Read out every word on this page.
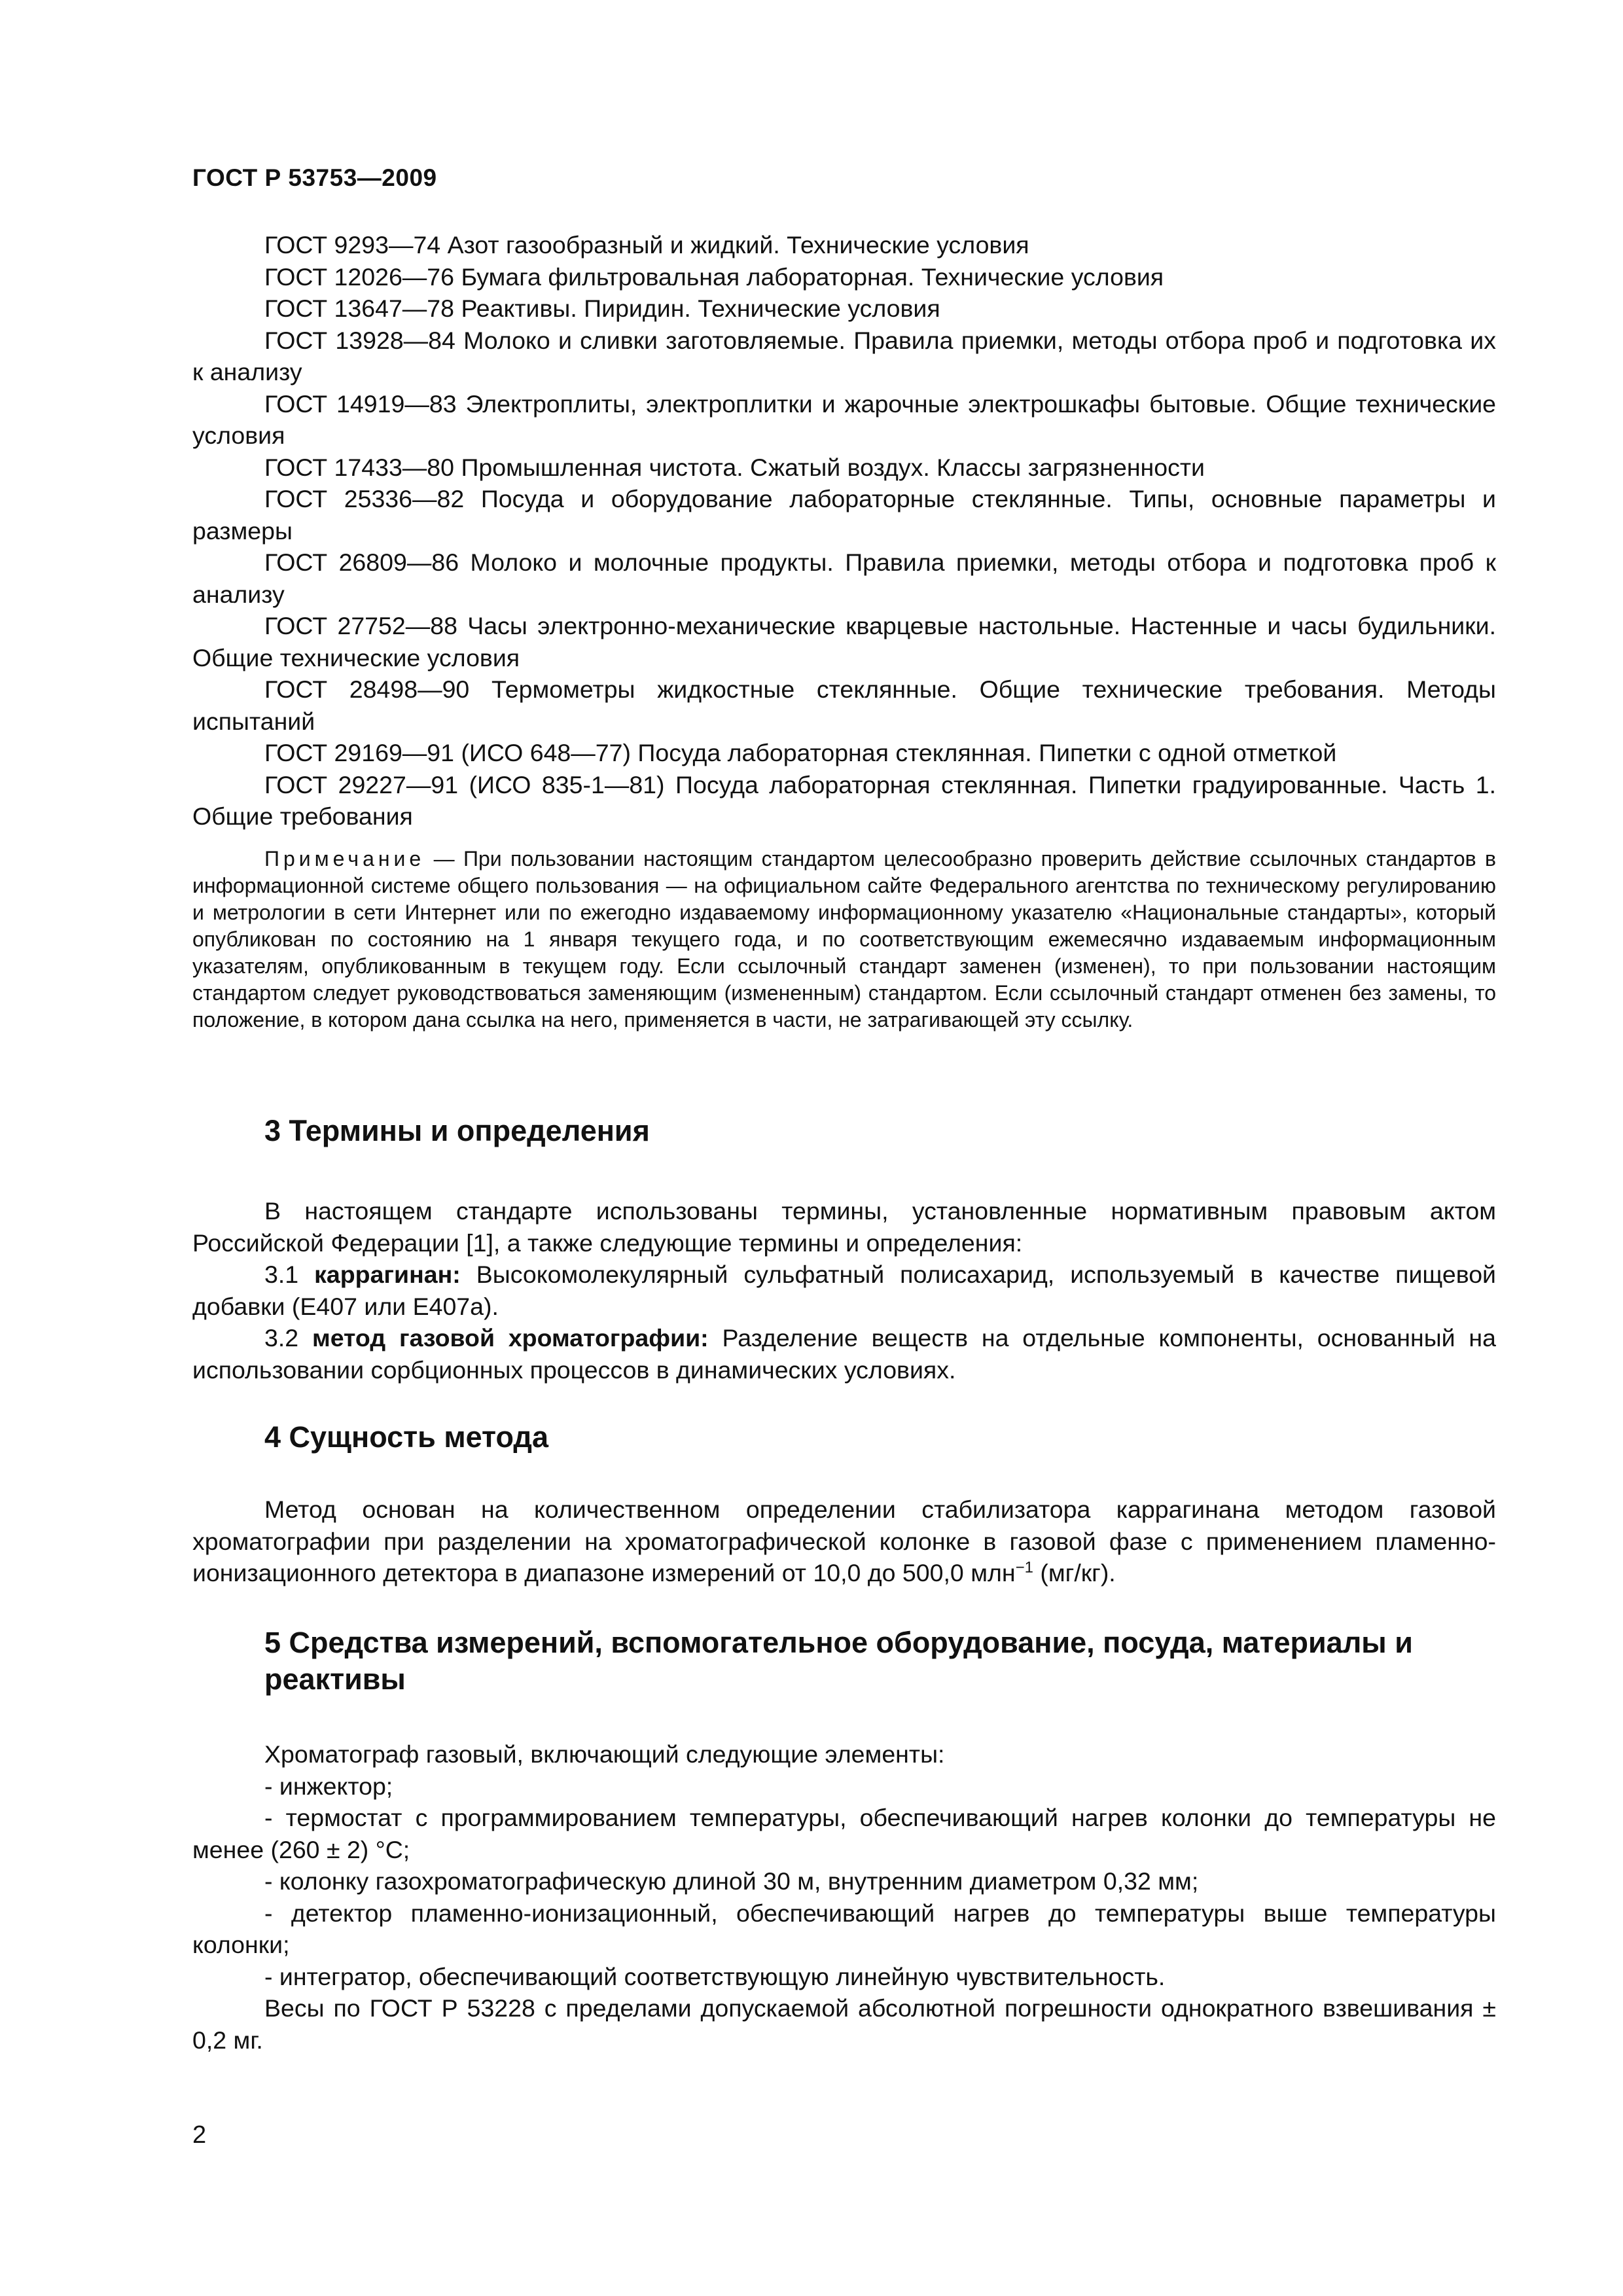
ГОСТ Р 53753—2009

ГОСТ 9293—74 Азот газообразный и жидкий. Технические условия

ГОСТ 12026—76 Бумага фильтровальная лабораторная. Технические условия

ГОСТ 13647—78 Реактивы. Пиридин. Технические условия

ГОСТ 13928—84 Молоко и сливки заготовляемые. Правила приемки, методы отбора проб и подготовка их к анализу

ГОСТ 14919—83 Электроплиты, электроплитки и жарочные электрошкафы бытовые. Общие технические условия

ГОСТ 17433—80 Промышленная чистота. Сжатый воздух. Классы загрязненности

ГОСТ 25336—82 Посуда и оборудование лабораторные стеклянные. Типы, основные параметры и размеры

ГОСТ 26809—86 Молоко и молочные продукты. Правила приемки, методы отбора и подготовка проб к анализу

ГОСТ 27752—88 Часы электронно-механические кварцевые настольные. Настенные и часы будильники. Общие технические условия

ГОСТ 28498—90 Термометры жидкостные стеклянные. Общие технические требования. Методы испытаний

ГОСТ 29169—91 (ИСО 648—77) Посуда лабораторная стеклянная. Пипетки с одной отметкой

ГОСТ 29227—91 (ИСО 835-1—81) Посуда лабораторная стеклянная. Пипетки градуированные. Часть 1. Общие требования

Примечание — При пользовании настоящим стандартом целесообразно проверить действие ссылочных стандартов в информационной системе общего пользования — на официальном сайте Федерального агентства по техническому регулированию и метрологии в сети Интернет или по ежегодно издаваемому информационному указателю «Национальные стандарты», который опубликован по состоянию на 1 января текущего года, и по соответствующим ежемесячно издаваемым информационным указателям, опубликованным в текущем году. Если ссылочный стандарт заменен (изменен), то при пользовании настоящим стандартом следует руководствоваться заменяющим (измененным) стандартом. Если ссылочный стандарт отменен без замены, то положение, в котором дана ссылка на него, применяется в части, не затрагивающей эту ссылку.

3 Термины и определения

В настоящем стандарте использованы термины, установленные нормативным правовым актом Российской Федерации [1], а также следующие термины и определения:

3.1 каррагинан: Высокомолекулярный сульфатный полисахарид, используемый в качестве пищевой добавки (Е407 или Е407а).

3.2 метод газовой хроматографии: Разделение веществ на отдельные компоненты, основанный на использовании сорбционных процессов в динамических условиях.

4 Сущность метода

Метод основан на количественном определении стабилизатора каррагинана методом газовой хроматографии при разделении на хроматографической колонке в газовой фазе с применением пламенно-ионизационного детектора в диапазоне измерений от 10,0 до 500,0 млн$^{-1}$ (мг/кг).

5 Средства измерений, вспомогательное оборудование, посуда, материалы и реактивы

Хроматограф газовый, включающий следующие элементы:

- инжектор;

- термостат с программированием температуры, обеспечивающий нагрев колонки до температуры не менее (260 ± 2) °С;

- колонку газохроматографическую длиной 30 м, внутренним диаметром 0,32 мм;

- детектор пламенно-ионизационный, обеспечивающий нагрев до температуры выше температуры колонки;

- интегратор, обеспечивающий соответствующую линейную чувствительность.

Весы по ГОСТ Р 53228 с пределами допускаемой абсолютной погрешности однократного взвешивания ± 0,2 мг.

2
